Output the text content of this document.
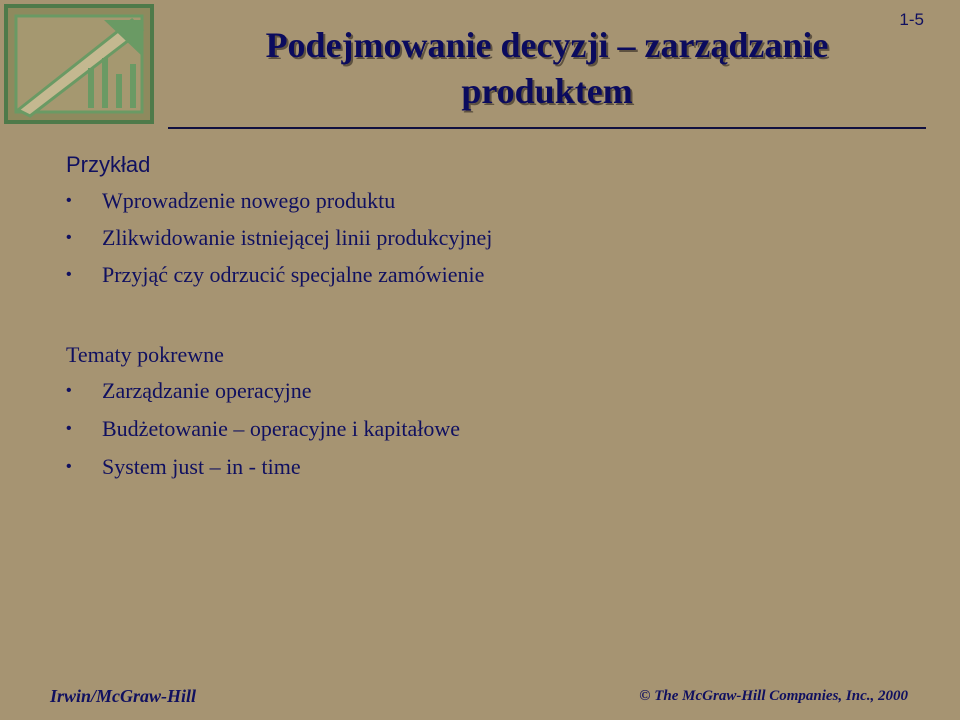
1-5
Podejmowanie decyzji – zarządzanie
produktem

Przykład

• Wprowadzenie nowego produktu
• Zlikwidowanie istniejącej linii produkcyjnej
• Przyjąć czy odrzucić specjalne zamówienie

Tematy pokrewne

• Zarządzanie operacyjne
• Budżetowanie – operacyjne i kapitałowe
• System just – in - time
Irwin/McGraw-Hill	© The McGraw-Hill Companies, Inc., 2000
